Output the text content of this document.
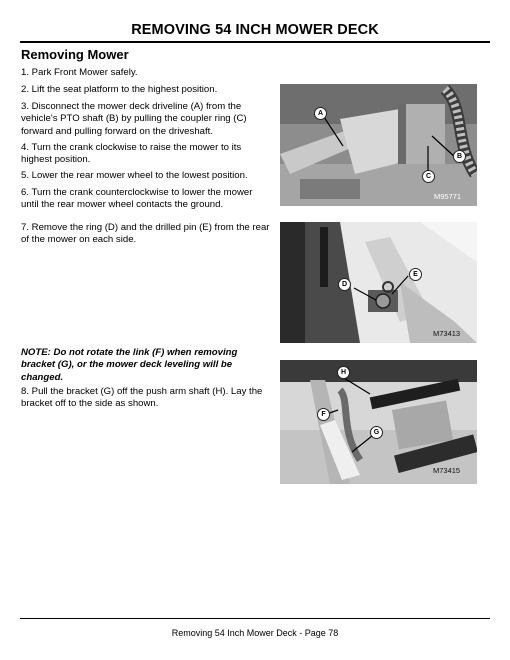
REMOVING 54 INCH MOWER DECK
Removing Mower
1. Park Front Mower safely.
2. Lift the seat platform to the highest position.
3. Disconnect the mower deck driveline (A) from the vehicle's PTO shaft (B) by pulling the coupler ring (C) forward and pulling forward on the driveshaft.
4. Turn the crank clockwise to raise the mower to its highest position.
5. Lower the rear mower wheel to the lowest position.
6. Turn the crank counterclockwise to lower the mower until the rear mower wheel contacts the ground.
7. Remove the ring (D) and the drilled pin (E) from the rear of the mower on each side.
NOTE: Do not rotate the link (F) when removing bracket (G), or the mower deck leveling will be changed.
8. Pull the bracket (G) off the push arm shaft (H). Lay the bracket off to the side as shown.
A
B
C
M95771
D
E
M73413
H
F
G
M73415
Removing 54 Inch Mower Deck - Page 78
